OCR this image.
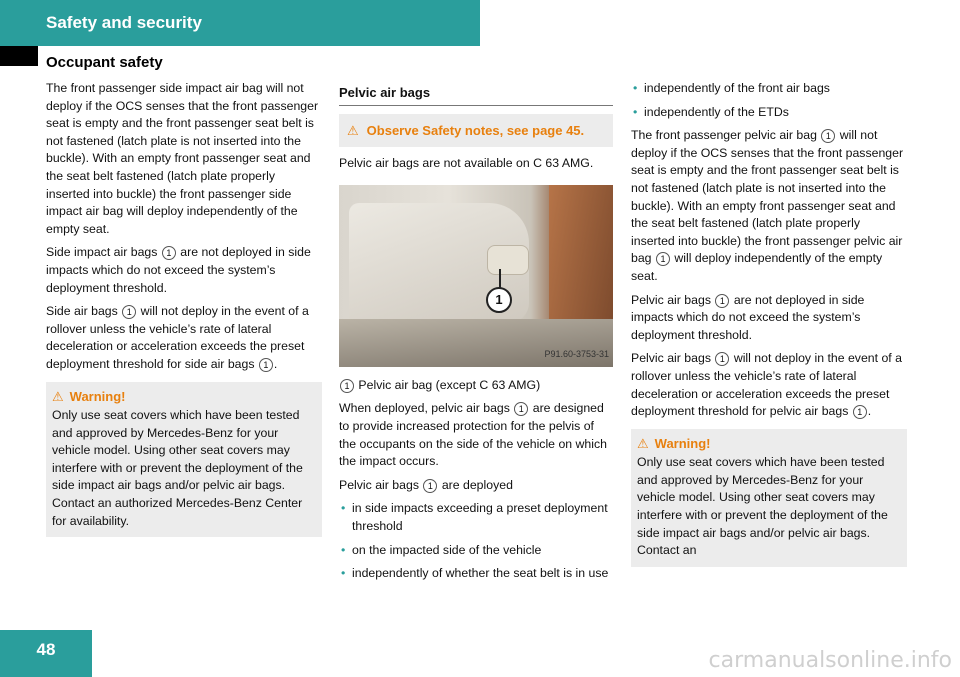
Safety and security
Occupant safety

The front passenger side impact air bag will not deploy if the OCS senses that the front passenger seat is empty and the front passenger seat belt is not fastened (latch plate is not inserted into the buckle). With an empty front passenger seat and the seat belt fastened (latch plate properly inserted into buckle) the front passenger side impact air bag will deploy independently of the empty seat.

Side impact air bags 1 are not deployed in side impacts which do not exceed the system’s deployment threshold.

Side air bags 1 will not deploy in the event of a rollover unless the vehicle’s rate of lateral deceleration or acceleration exceeds the preset deployment threshold for side air bags 1 .

⚠ Warning!

Only use seat covers which have been tested and approved by Mercedes-Benz for your vehicle model. Using other seat covers may interfere with or prevent the deployment of the side impact air bags and/or pelvic air bags. Contact an authorized Mercedes-Benz Center for availability.

Pelvic air bags
⚠ Observe Safety notes, see page 45.

Pelvic air bags are not available on C 63 AMG.

1
P91.60-3753-31

1 Pelvic air bag (except C 63 AMG)

When deployed, pelvic air bags 1 are designed to provide increased protection for the pelvis of the occupants on the side of the vehicle on which the impact occurs.

Pelvic air bags 1 are deployed

• in side impacts exceeding a preset deployment threshold
• on the impacted side of the vehicle
• independently of whether the seat belt is in use
• independently of the front air bags
• independently of the ETDs

The front passenger pelvic air bag 1 will not deploy if the OCS senses that the front passenger seat is empty and the front passenger seat belt is not fastened (latch plate is not inserted into the buckle). With an empty front passenger seat and the seat belt fastened (latch plate properly inserted into buckle) the front passenger pelvic air bag 1 will deploy independently of the empty seat.

Pelvic air bags 1 are not deployed in side impacts which do not exceed the system’s deployment threshold.

Pelvic air bags 1 will not deploy in the event of a rollover unless the vehicle’s rate of lateral deceleration or acceleration exceeds the preset deployment threshold for pelvic air bags 1 .

⚠ Warning!

Only use seat covers which have been tested and approved by Mercedes-Benz for your vehicle model. Using other seat covers may interfere with or prevent the deployment of the side impact air bags and/or pelvic air bags. Contact an

48	carmanualsonline.info
